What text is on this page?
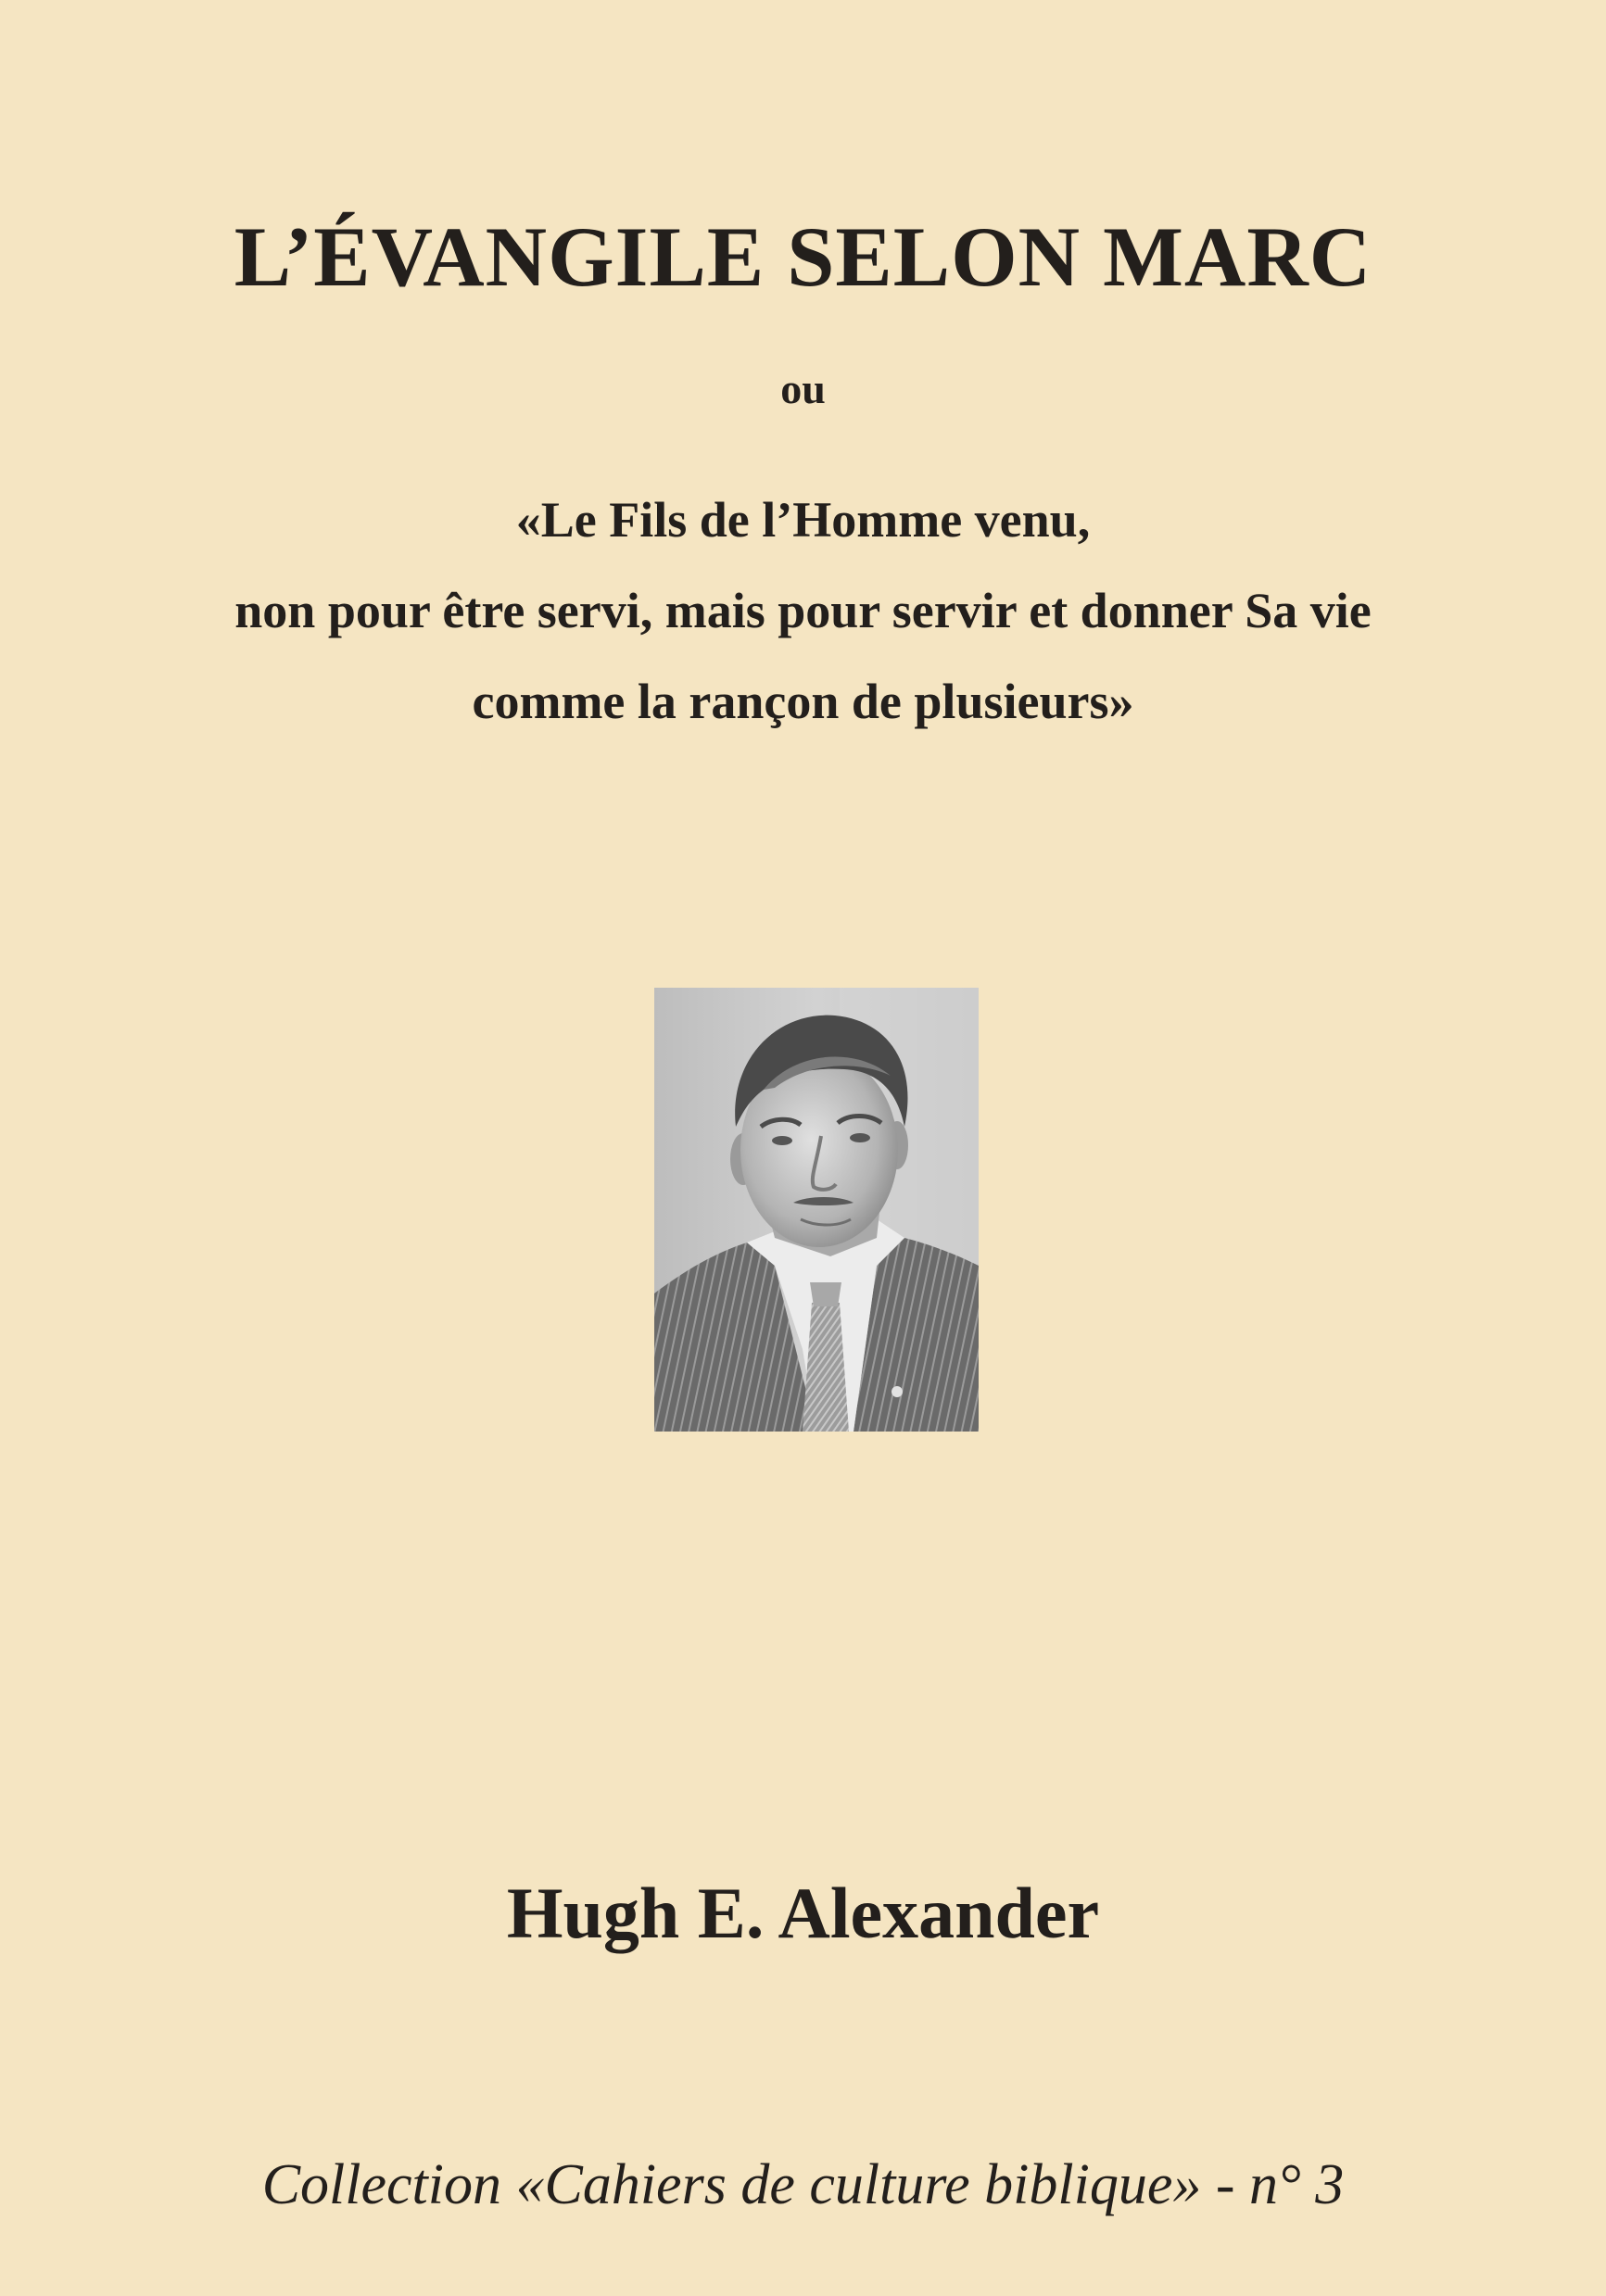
L’ÉVANGILE SELON MARC
ou
«Le Fils de l’Homme venu,
non pour être servi, mais pour servir et donner Sa vie
comme la rançon de plusieurs»
Hugh E. Alexander
Collection «Cahiers de culture biblique» - n° 3
